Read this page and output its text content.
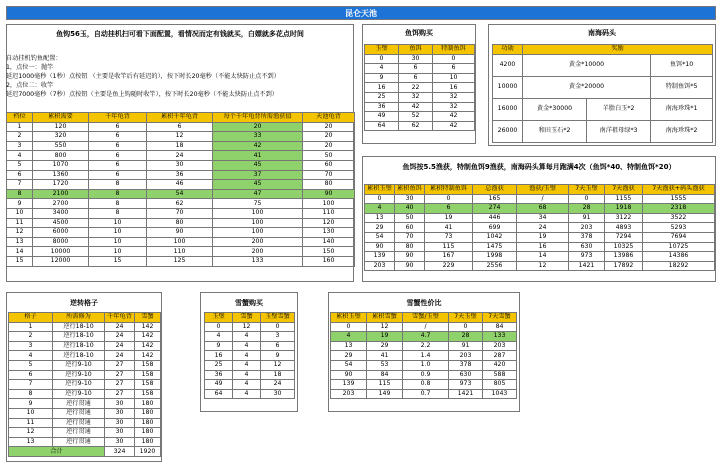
昆仑天池
鱼钩56玉，自动挂机扫可看下面配置，看情况而定有钱就买，白嫖就多花点时间
自动挂机钓鱼配置：
1，点位一：抛竿
延迟1000毫秒（1秒）点按钮 （主要是收竿后有延迟的），按下时长20毫秒（不能太快防止点不到）
2，点位二：收竿
延迟7000毫秒（7秒）点按钮（主要是鱼上钩随时收竿），按下时长20毫秒（不能太快防止点不到）
档位	累积需要	千年龟背	累积千年龟背	每个千年龟背所需渔获值	天池龟背
1	120	6	6	20	20
2	320	6	12	33	20
3	550	6	18	42	20
4	800	6	24	41	50
5	1070	6	30	45	60
6	1360	6	36	37	70
7	1720	8	46	45	80
8	2100	8	54	47	90
9	2700	8	62	75	100
10	3400	8	70	100	110
11	4500	10	80	100	120
12	6000	10	90	100	130
13	8000	10	100	200	140
14	10000	10	110	200	150
15	12000	15	125	133	160
鱼饵购买
玉璧	鱼饵	特制鱼饵
0	30	0
4	6	6
9	6	10
16	22	16
25	32	32
36	42	32
49	52	42
64	62	42
南海码头
功勋	奖励		
4200	黄金*10000		鱼饵*10
10000	黄金*20000		特制鱼饵*5
16000	黄金*30000	羊脂白玉*2	南海珍珠*1
26000	和田玉石*2	南洋祖母绿*3	南海珍珠*2
鱼饵按5.5渔获，特制鱼饵9渔获，南海码头算每月跑满4次（鱼饵*40、特制鱼饵*20）
累积玉璧	累积鱼饵	累积特制鱼饵	总渔获	渔获/玉璧	7天玉璧	7天渔获	7天渔获+码头渔获
0	30	0	165	/	0	1155	1555
4	40	6	274	68	28	1918	2318
13	50	19	446	34	91	3122	3522
29	60	41	699	24	203	4893	5293
54	70	73	1042	19	378	7294	7694
90	80	115	1475	16	630	10325	10725
139	90	167	1998	14	973	13986	14386
203	90	229	2556	12	1421	17892	18292
逆转格子
格子	所需修为	千年龟背	雪蟹
1	逆行18-10	24	142
2	逆行18-10	24	142
3	逆行18-10	24	142
4	逆行18-10	24	142
5	逆行9-10	27	158
6	逆行9-10	27	158
7	逆行9-10	27	158
8	逆行9-10	27	158
9	逆行贯通	30	180
10	逆行贯通	30	180
11	逆行贯通	30	180
12	逆行贯通	30	180
13	逆行贯通	30	180
合计		324	1920
雪蟹购买
玉璧	雪蟹	玉璧雪蟹
0	12	0
4	4	3
9	4	6
16	4	9
25	4	12
36	4	18
49	4	24
64	4	30
雪蟹性价比
累积玉璧	累积雪蟹	雪蟹/玉璧	7天玉璧	7天雪蟹
0	12	/	0	84
4	19	4.7	28	133
13	29	2.2	91	203
29	41	1.4	203	287
54	53	1.0	378	420
90	84	0.9	630	588
139	115	0.8	973	805
203	149	0.7	1421	1043
